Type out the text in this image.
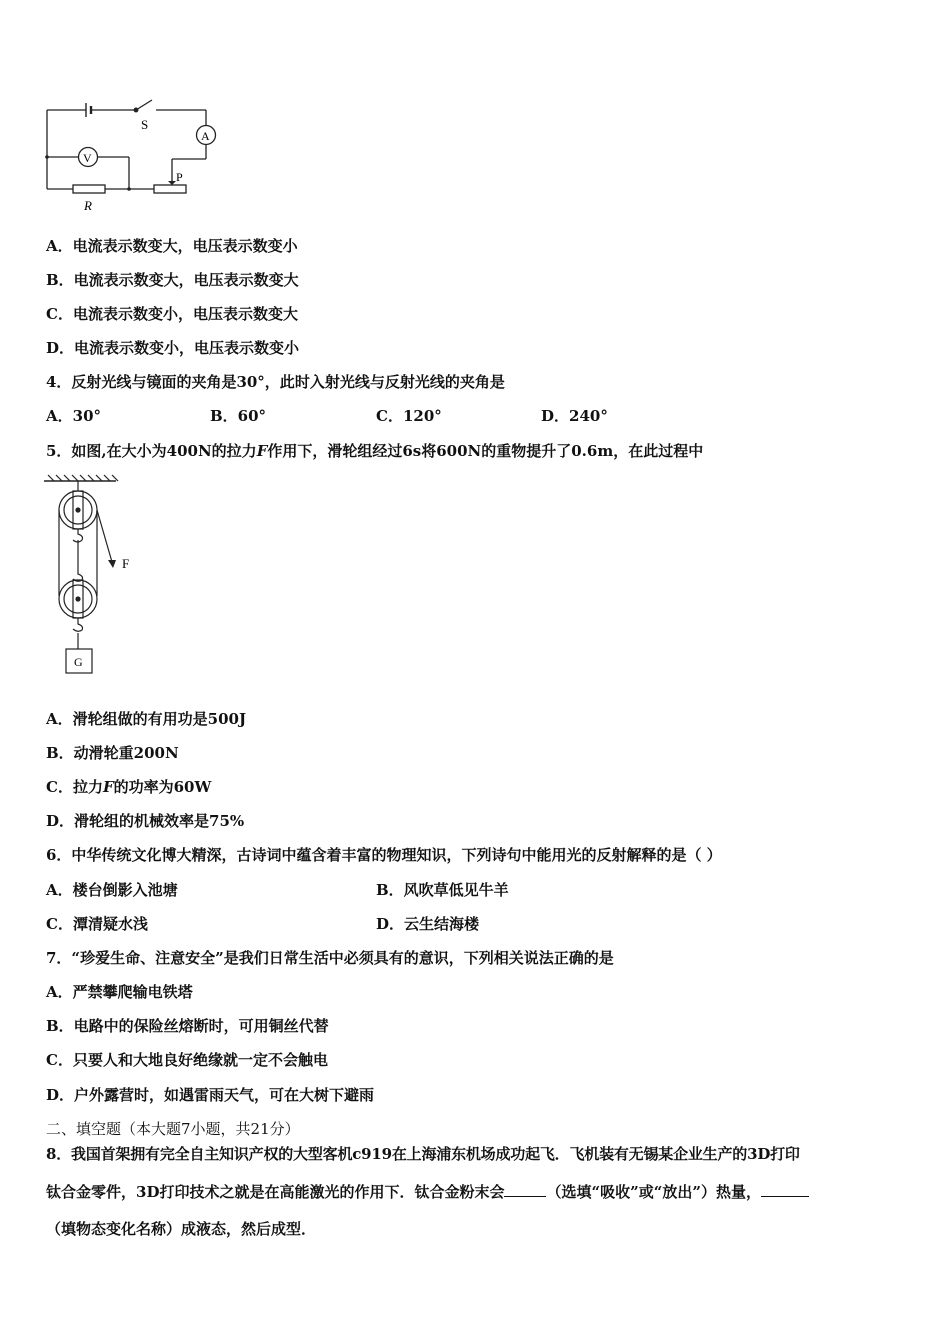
S
A
V
R
P
A．电流表示数变大，电压表示数变小
B．电流表示数变大，电压表示数变大
C．电流表示数变小，电压表示数变大
D．电流表示数变小，电压表示数变小
4．反射光线与镜面的夹角是30°，此时入射光线与反射光线的夹角是
A．30°	B．60°	C．120°	D．240°
5．如图,在大小为400N的拉力F作用下，滑轮组经过6s将600N的重物提升了0.6m，在此过程中
F
G
A．滑轮组做的有用功是500J
B．动滑轮重200N
C．拉力F的功率为60W
D．滑轮组的机械效率是75%
6．中华传统文化博大精深，古诗词中蕴含着丰富的物理知识，下列诗句中能用光的反射解释的是（ ）
A．楼台倒影入池塘	B．风吹草低见牛羊
C．潭清疑水浅	D．云生结海楼
7．“珍爱生命、注意安全”是我们日常生活中必须具有的意识，下列相关说法正确的是
A．严禁攀爬输电铁塔
B．电路中的保险丝熔断时，可用铜丝代替
C．只要人和大地良好绝缘就一定不会触电
D．户外露营时，如遇雷雨天气，可在大树下避雨
二、填空题（本大题7小题，共21分）
8．我国首架拥有完全自主知识产权的大型客机c919在上海浦东机场成功起飞．飞机装有无锡某企业生产的3D打印
钛合金零件，3D打印技术之就是在高能激光的作用下．钛合金粉末会	（选填“吸收”或“放出”）热量，
（填物态变化名称）成液态，然后成型．
